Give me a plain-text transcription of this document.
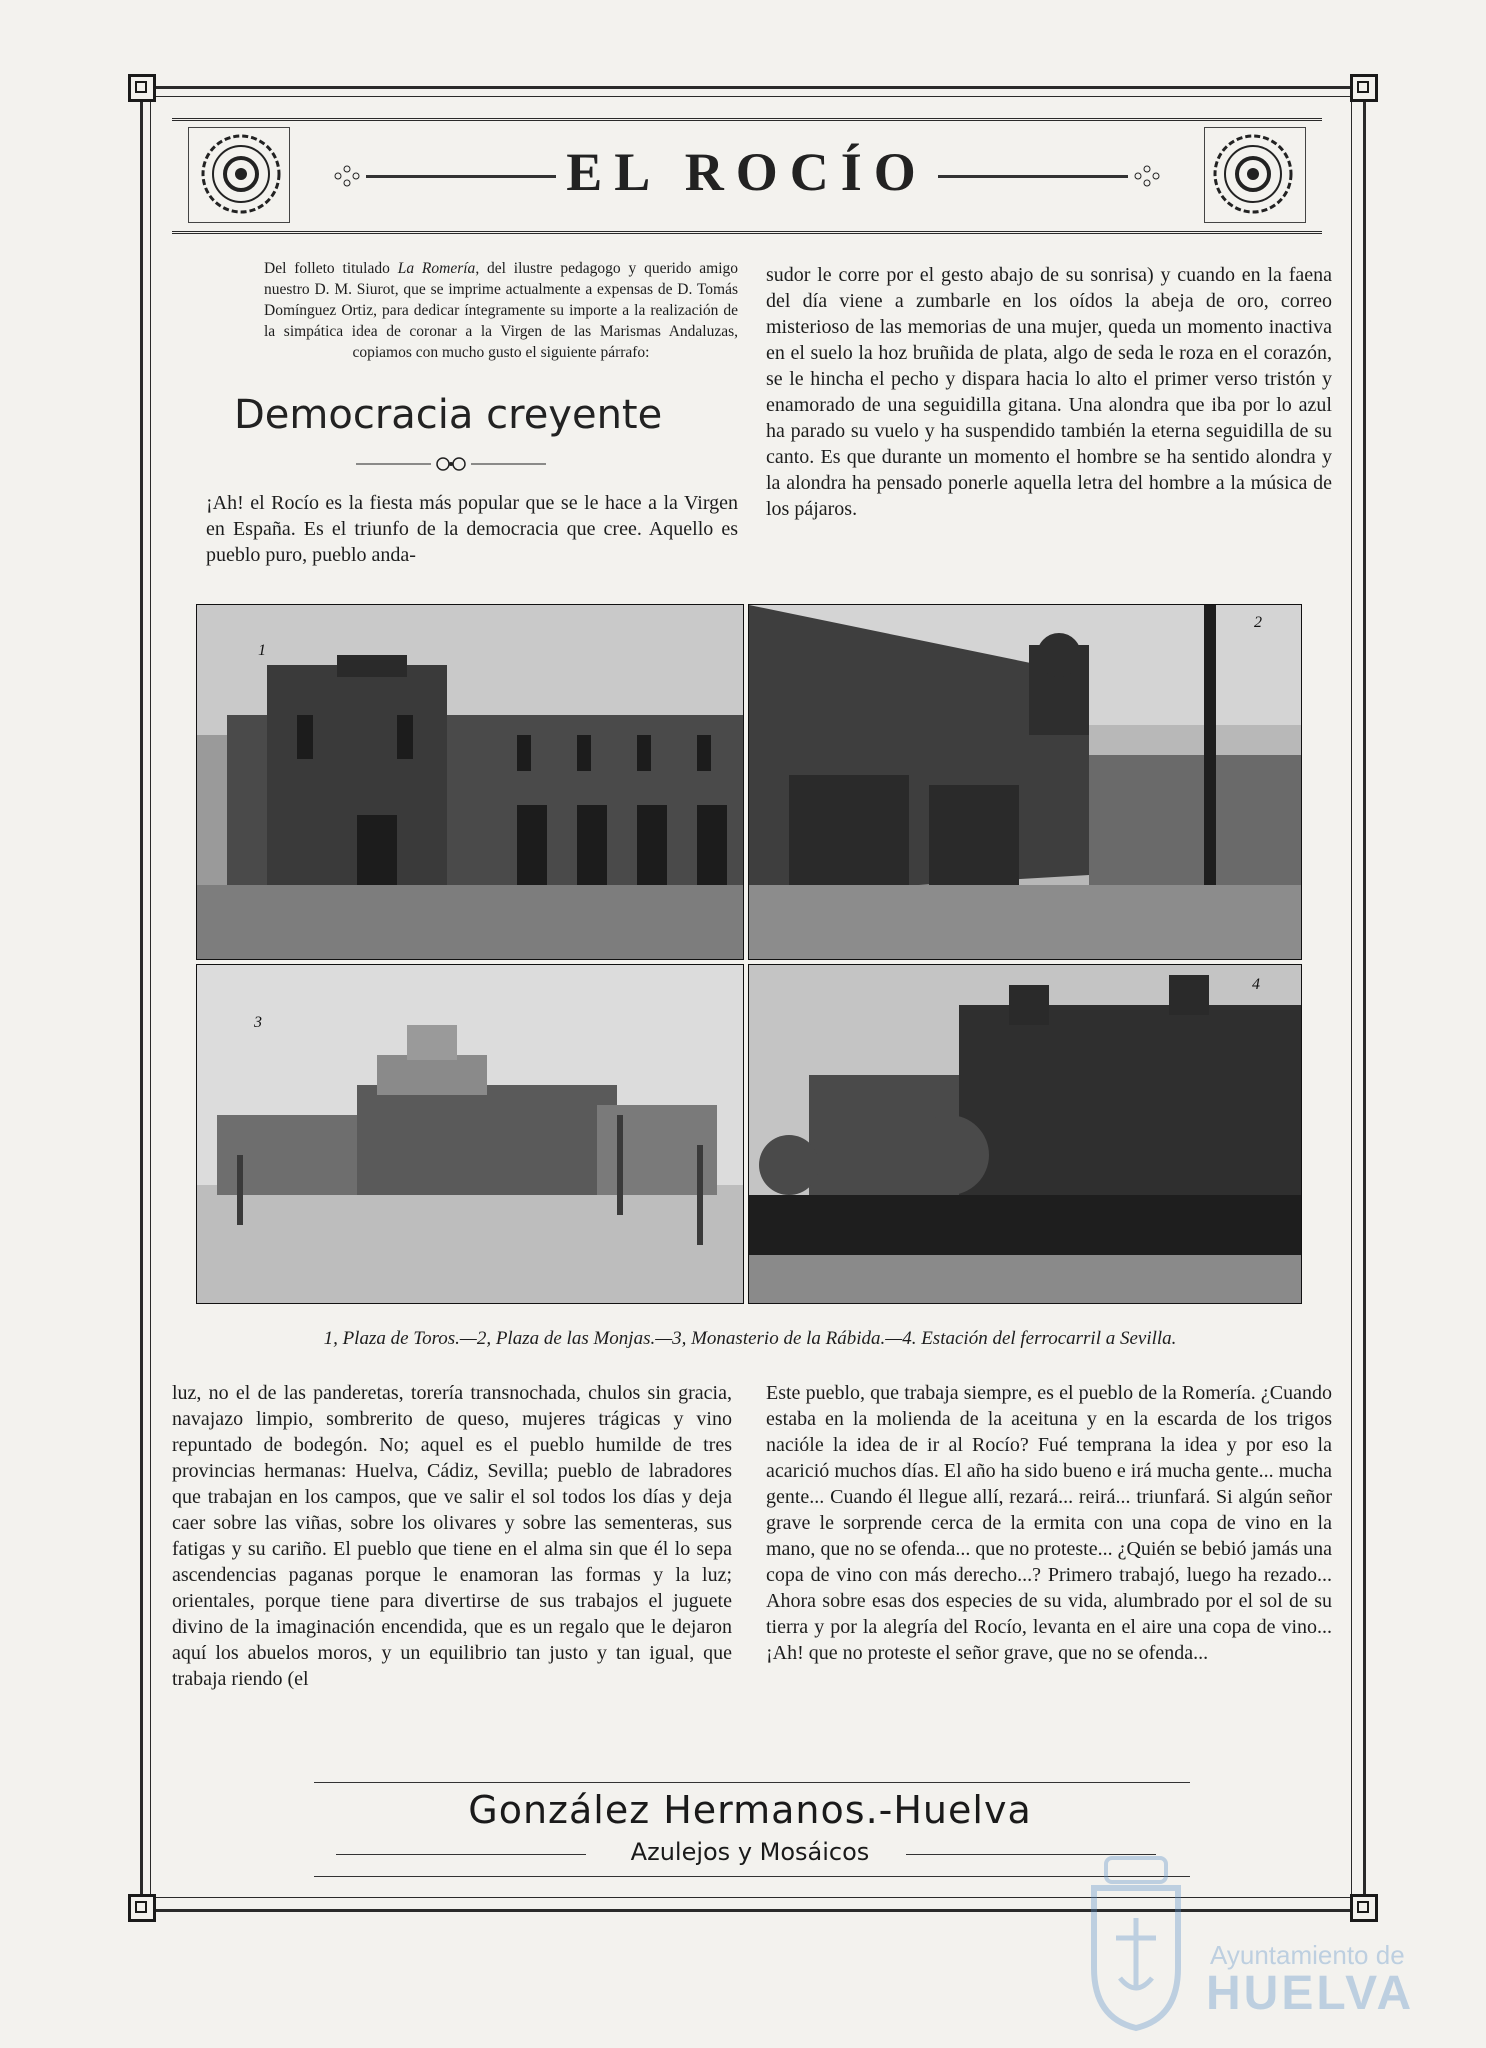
EL ROCÍO
Del folleto titulado La Romería, del ilustre pedagogo y querido amigo nuestro D. M. Siurot, que se imprime actualmente a expensas de D. Tomás Domínguez Ortiz, para dedicar íntegramente su importe a la realización de la simpática idea de coronar a la Virgen de las Marismas Andaluzas, copiamos con mucho gusto el siguiente párrafo:
Democracia creyente
¡Ah! el Rocío es la fiesta más popular que se le hace a la Virgen en España. Es el triunfo de la democracia que cree. Aquello es pueblo puro, pueblo anda-
sudor le corre por el gesto abajo de su sonrisa) y cuando en la faena del día viene a zumbarle en los oídos la abeja de oro, correo misterioso de las memorias de una mujer, queda un momento inactiva en el suelo la hoz bruñida de plata, algo de seda le roza en el corazón, se le hincha el pecho y dispara hacia lo alto el primer verso tristón y enamorado de una seguidilla gitana. Una alondra que iba por lo azul ha parado su vuelo y ha suspendido también la eterna seguidilla de su canto. Es que durante un momento el hombre se ha sentido alondra y la alondra ha pensado ponerle aquella letra del hombre a la música de los pájaros.
1
2
3
4
1, Plaza de Toros.—2, Plaza de las Monjas.—3, Monasterio de la Rábida.—4. Estación del ferrocarril a Sevilla.
luz, no el de las panderetas, torería transnochada, chulos sin gracia, navajazo limpio, sombrerito de queso, mujeres trágicas y vino repuntado de bodegón. No; aquel es el pueblo humilde de tres provincias hermanas: Huelva, Cádiz, Sevilla; pueblo de labradores que trabajan en los campos, que ve salir el sol todos los días y deja caer sobre las viñas, sobre los olivares y sobre las sementeras, sus fatigas y su cariño. El pueblo que tiene en el alma sin que él lo sepa ascendencias paganas porque le enamoran las formas y la luz; orientales, porque tiene para divertirse de sus trabajos el juguete divino de la imaginación encendida, que es un regalo que le dejaron aquí los abuelos moros, y un equilibrio tan justo y tan igual, que trabaja riendo (el
Este pueblo, que trabaja siempre, es el pueblo de la Romería. ¿Cuando estaba en la molienda de la aceituna y en la escarda de los trigos nacióle la idea de ir al Rocío? Fué temprana la idea y por eso la acarició muchos días. El año ha sido bueno e irá mucha gente... mucha gente... Cuando él llegue allí, rezará... reirá... triunfará. Si algún señor grave le sorprende cerca de la ermita con una copa de vino en la mano, que no se ofenda... que no proteste... ¿Quién se bebió jamás una copa de vino con más derecho...? Primero trabajó, luego ha rezado... Ahora sobre esas dos especies de su vida, alumbrado por el sol de su tierra y por la alegría del Rocío, levanta en el aire una copa de vino... ¡Ah! que no proteste el señor grave, que no se ofenda...
González Hermanos.-Huelva
Azulejos y Mosáicos
Ayuntamiento de
HUELVA
